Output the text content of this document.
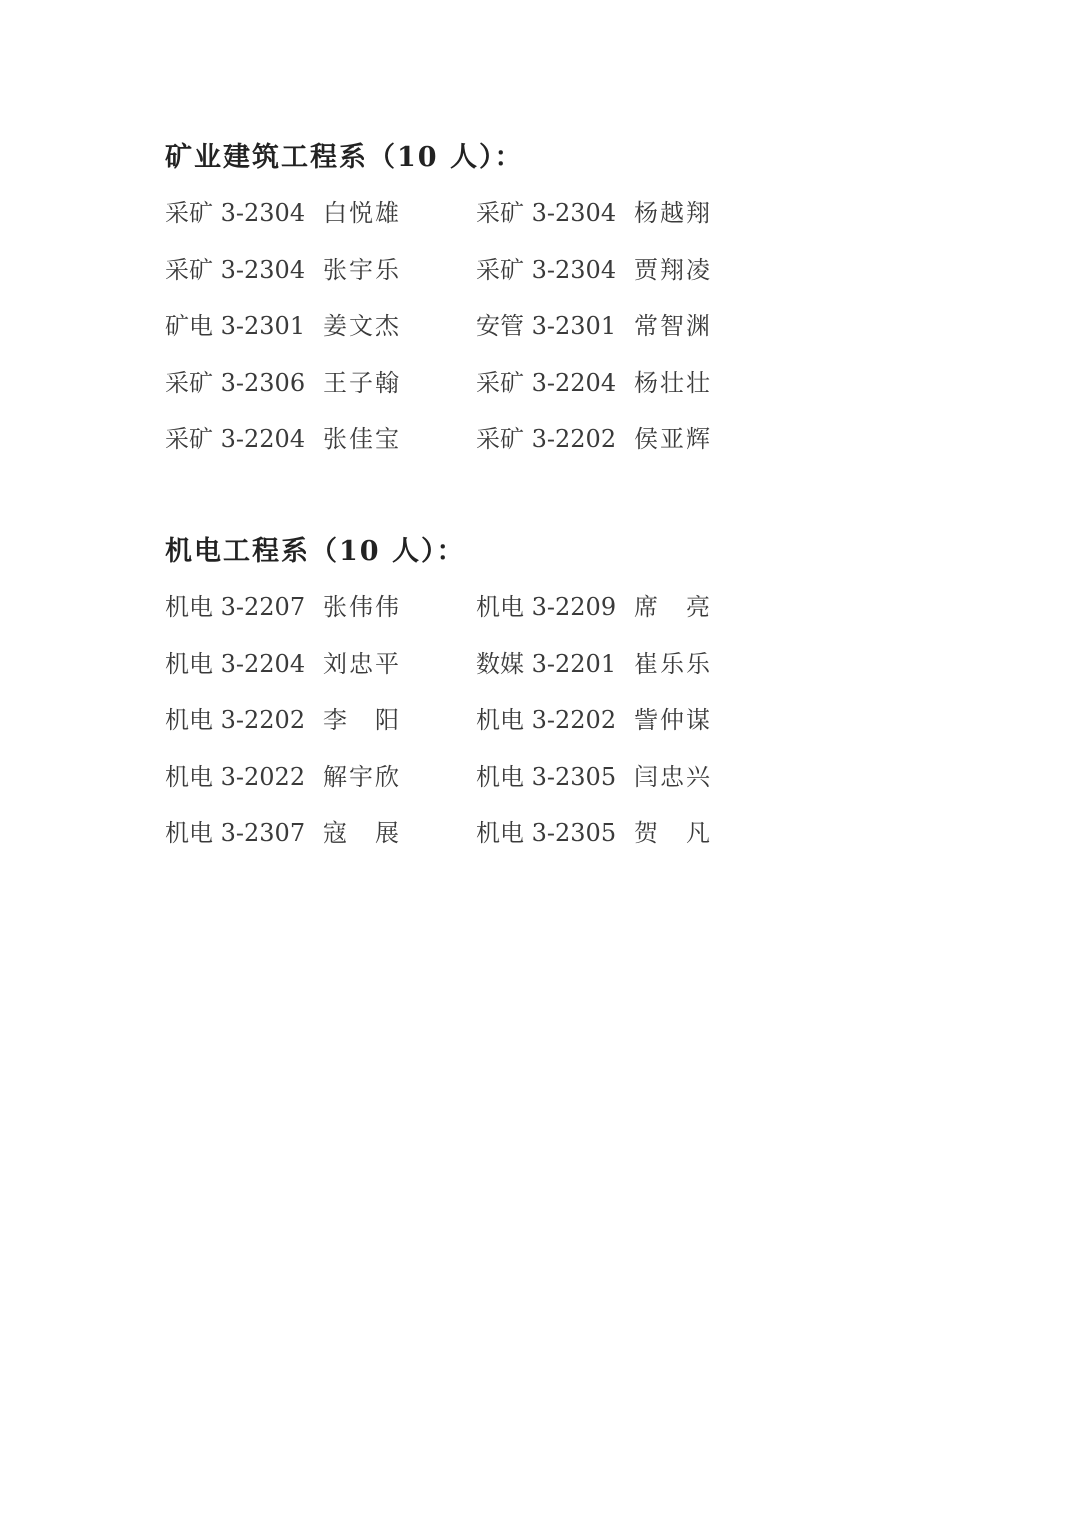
矿业建筑工程系（10 人）：
采矿 3-2304 白悦雄	采矿 3-2304 杨越翔
采矿 3-2304 张宇乐	采矿 3-2304 贾翔凌
矿电 3-2301 姜文杰	安管 3-2301 常智渊
采矿 3-2306 王子翰	采矿 3-2204 杨壮壮
采矿 3-2204 张佳宝	采矿 3-2202 侯亚辉
机电工程系（10 人）：
机电 3-2207 张伟伟	机电 3-2209 席　亮
机电 3-2204 刘忠平	数媒 3-2201 崔乐乐
机电 3-2202 李　阳	机电 3-2202 訾仲谋
机电 3-2022 解宇欣	机电 3-2305 闫忠兴
机电 3-2307 寇　展	机电 3-2305 贺　凡
